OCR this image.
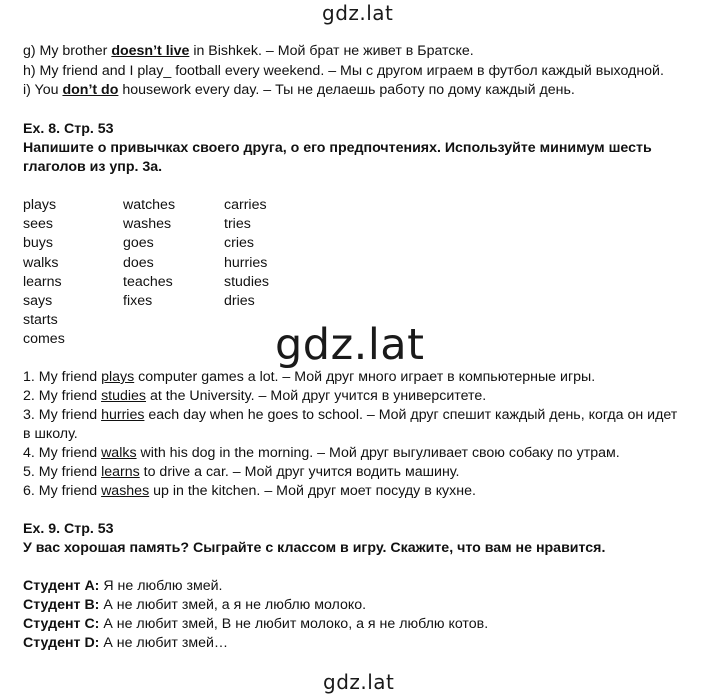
gdz.lat
g) My brother doesn’t live in Bishkek. – Мой брат не живет в Братске.
h) My friend and I play_ football every weekend. – Мы с другом играем в футбол каждый выходной.
i) You don’t do housework every day. – Ты не делаешь работу по дому каждый день.
Ex. 8. Стр. 53
Напишите о привычках своего друга, о его предпочтениях. Используйте минимум шесть
глаголов из упр. 3а.
plays
sees
buys
walks
learns
says
starts
comes
watches
washes
goes
does
teaches
fixes
carries
tries
cries
hurries
studies
dries
gdz.lat
1. My friend plays computer games a lot. – Мой друг много играет в компьютерные игры.
2. My friend studies at the University. – Мой друг учится в университете.
3. My friend hurries each day when he goes to school. – Мой друг спешит каждый день, когда он идет
в школу.
4. My friend walks with his dog in the morning. – Мой друг выгуливает свою собаку по утрам.
5. My friend learns to drive a car. – Мой друг учится водить машину.
6. My friend washes up in the kitchen. – Мой друг моет посуду в кухне.
Ex. 9. Стр. 53
У вас хорошая память? Сыграйте с классом в игру. Скажите, что вам не нравится.
Студент А: Я не люблю змей.
Студент В: А не любит змей, а я не люблю молоко.
Студент С: А не любит змей, В не любит молоко, а я не люблю котов.
Студент D: А не любит змей…
gdz.lat
